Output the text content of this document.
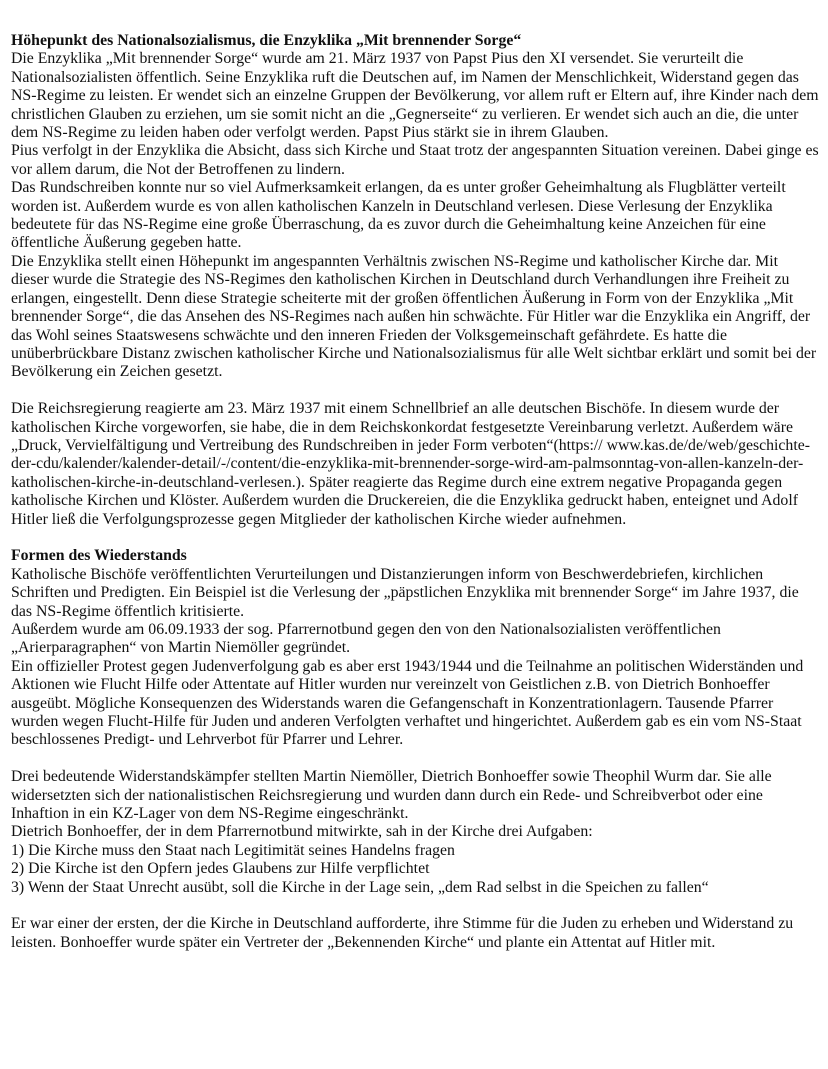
Höhepunkt des Nationalsozialismus, die Enzyklika „Mit brennender Sorge“

Die Enzyklika „Mit brennender Sorge“ wurde am 21. März 1937 von Papst Pius den XI versendet. Sie verurteilt die Nationalsozialisten öffentlich. Seine Enzyklika ruft die Deutschen auf, im Namen der Menschlichkeit, Widerstand gegen das NS-Regime zu leisten. Er wendet sich an einzelne Gruppen der Bevölkerung, vor allem ruft er Eltern auf, ihre Kinder nach dem christlichen Glauben zu erziehen, um sie somit nicht an die „Gegnerseite“ zu verlieren. Er wendet sich auch an die, die unter dem NS-Regime zu leiden haben oder verfolgt werden. Papst Pius stärkt sie in ihrem Glauben.

Pius verfolgt in der Enzyklika die Absicht, dass sich Kirche und Staat trotz der angespannten Situation vereinen. Dabei ginge es vor allem darum, die Not der Betroffenen zu lindern.

Das Rundschreiben konnte nur so viel Aufmerksamkeit erlangen, da es unter großer Geheimhaltung als Flugblätter verteilt worden ist. Außerdem wurde es von allen katholischen Kanzeln in Deutschland verlesen. Diese Verlesung der Enzyklika bedeutete für das NS-Regime eine große Überraschung, da es zuvor durch die Geheimhaltung keine Anzeichen für eine öffentliche Äußerung gegeben hatte.

Die Enzyklika stellt einen Höhepunkt im angespannten Verhältnis zwischen NS-Regime und katholischer Kirche dar. Mit dieser wurde die Strategie des NS-Regimes den katholischen Kirchen in Deutschland durch Verhandlungen ihre Freiheit zu erlangen, eingestellt. Denn diese Strategie scheiterte mit der großen öffentlichen Äußerung in Form von der Enzyklika „Mit brennender Sorge“, die das Ansehen des NS-Regimes nach außen hin schwächte. Für Hitler war die Enzyklika ein Angriff, der das Wohl seines Staatswesens schwächte und den inneren Frieden der Volksgemeinschaft gefährdete. Es hatte die unüberbrückbare Distanz zwischen katholischer Kirche und Nationalsozialismus für alle Welt sichtbar erklärt und somit bei der Bevölkerung ein Zeichen gesetzt.

Die Reichsregierung reagierte am 23. März 1937 mit einem Schnellbrief an alle deutschen Bischöfe. In diesem wurde der katholischen Kirche vorgeworfen, sie habe, die in dem Reichskonkordat festgesetzte Vereinbarung verletzt. Außerdem wäre „Druck, Vervielfältigung und Vertreibung des Rundschreiben in jeder Form verboten“(https:// www.kas.de/de/web/geschichte-der-cdu/kalender/kalender-detail/-/content/die-enzyklika-mit-brennender-sorge-wird-am-palmsonntag-von-allen-kanzeln-der-katholischen-kirche-in-deutschland-verlesen.). Später reagierte das Regime durch eine extrem negative Propaganda gegen katholische Kirchen und Klöster. Außerdem wurden die Druckereien, die die Enzyklika gedruckt haben, enteignet und Adolf Hitler ließ die Verfolgungsprozesse gegen Mitglieder der katholischen Kirche wieder aufnehmen.

Formen des Wiederstands

Katholische Bischöfe veröffentlichten Verurteilungen und Distanzierungen inform von Beschwerdebriefen, kirchlichen Schriften und Predigten. Ein Beispiel ist die Verlesung der „päpstlichen Enzyklika mit brennender Sorge“ im Jahre 1937, die das NS-Regime öffentlich kritisierte.

Außerdem wurde am 06.09.1933 der sog. Pfarrernotbund gegen den von den Nationalsozialisten veröffentlichen „Arierparagraphen“ von Martin Niemöller gegründet.

Ein offizieller Protest gegen Judenverfolgung gab es aber erst 1943/1944 und die Teilnahme an politischen Widerständen und Aktionen wie Flucht Hilfe oder Attentate auf Hitler wurden nur vereinzelt von Geistlichen z.B. von Dietrich Bonhoeffer ausgeübt. Mögliche Konsequenzen des Widerstands waren die Gefangenschaft in Konzentrationlagern. Tausende Pfarrer wurden wegen Flucht-Hilfe für Juden und anderen Verfolgten verhaftet und hingerichtet. Außerdem gab es ein vom NS-Staat beschlossenes Predigt- und Lehrverbot für Pfarrer und Lehrer.

Drei bedeutende Widerstandskämpfer stellten Martin Niemöller, Dietrich Bonhoeffer sowie Theophil Wurm dar. Sie alle widersetzten sich der nationalistischen Reichsregierung und wurden dann durch ein Rede- und Schreibverbot oder eine Inhaftion in ein KZ-Lager von dem NS-Regime eingeschränkt.

Dietrich Bonhoeffer, der in dem Pfarrernotbund mitwirkte, sah in der Kirche drei Aufgaben:

1) Die Kirche muss den Staat nach Legitimität seines Handelns fragen
2) Die Kirche ist den Opfern jedes Glaubens zur Hilfe verpflichtet
3) Wenn der Staat Unrecht ausübt, soll die Kirche in der Lage sein, „dem Rad selbst in die Speichen zu fallen“

Er war einer der ersten, der die Kirche in Deutschland aufforderte, ihre Stimme für die Juden zu erheben und Widerstand zu leisten. Bonhoeffer wurde später ein Vertreter der „Bekennenden Kirche“ und plante ein Attentat auf Hitler mit.
